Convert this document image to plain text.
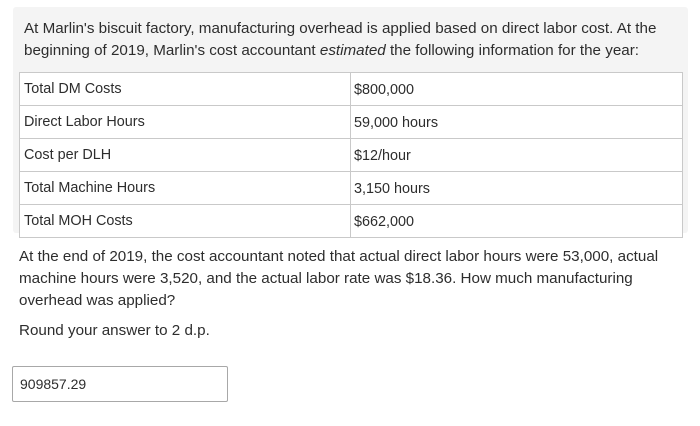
At Marlin's biscuit factory, manufacturing overhead is applied based on direct labor cost. At the beginning of 2019, Marlin's cost accountant estimated the following information for the year:

Total DM Costs	$800,000
Direct Labor Hours	59,000 hours
Cost per DLH	$12/hour
Total Machine Hours	3,150 hours
Total MOH Costs	$662,000

At the end of 2019, the cost accountant noted that actual direct labor hours were 53,000, actual machine hours were 3,520, and the actual labor rate was $18.36. How much manufacturing overhead was applied?

Round your answer to 2 d.p.

909857.29
